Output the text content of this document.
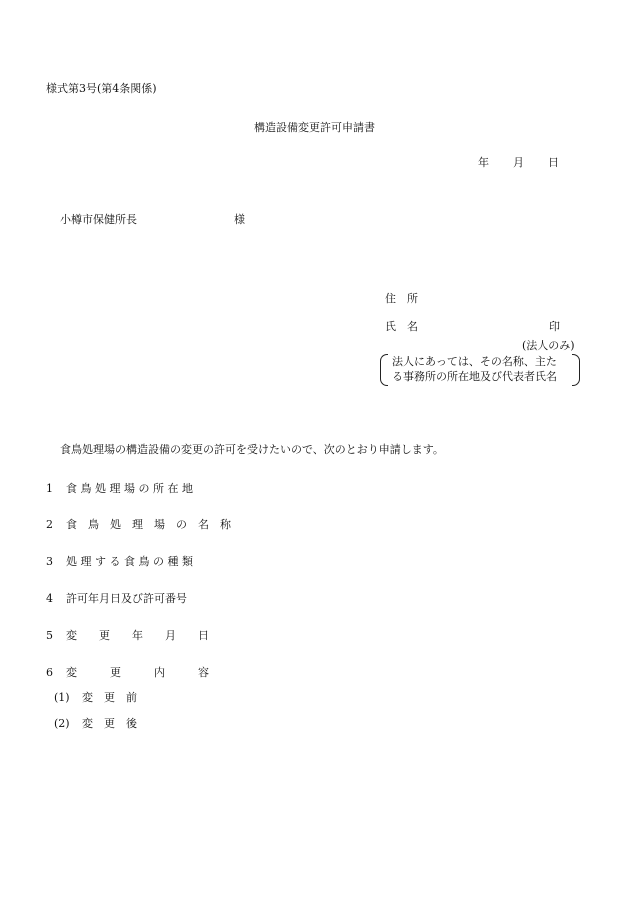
様式第3号(第4条関係)
構造設備変更許可申請書
年 月 日
小樽市保健所長	様
住　所
氏　名	印
(法人のみ)
法人にあっては、その名称、主た
る事務所の所在地及び代表者氏名
食鳥処理場の構造設備の変更の許可を受けたいので、次のとおり申請します。
1 食 鳥 処 理 場 の 所 在 地
2 食　鳥　処　理　場　の　名　称
3 処 理 す る 食 鳥 の 種 類
4 許可年月日及び許可番号
5 変　　更　　年　　月　　日
6 変　　　更　　　内　　　容
(1) 変　更　前
(2) 変　更　後
